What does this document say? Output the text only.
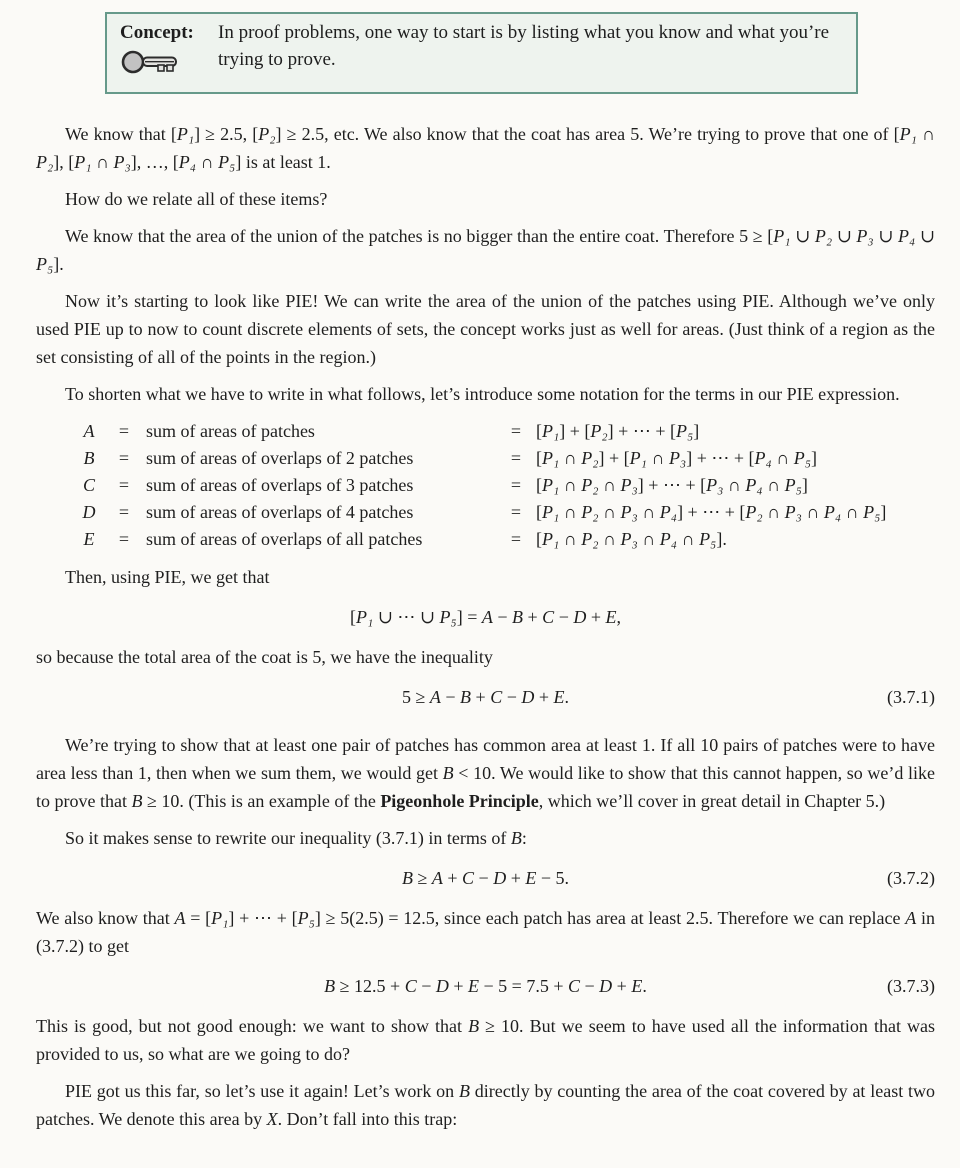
Concept:	In proof problems, one way to start is by listing what you know and what you’re trying to prove.

We know that [P₁] ≥ 2.5, [P₂] ≥ 2.5, etc. We also know that the coat has area 5. We’re trying to prove that one of [P₁ ∩ P₂], [P₁ ∩ P₃], …, [P₄ ∩ P₅] is at least 1.

How do we relate all of these items?

We know that the area of the union of the patches is no bigger than the entire coat. Therefore 5 ≥ [P₁ ∪ P₂ ∪ P₃ ∪ P₄ ∪ P₅].

Now it’s starting to look like PIE! We can write the area of the union of the patches using PIE. Although we’ve only used PIE up to now to count discrete elements of sets, the concept works just as well for areas. (Just think of a region as the set consisting of all of the points in the region.)

To shorten what we have to write in what follows, let’s introduce some notation for the terms in our PIE expression.

A	= sum of areas of patches	= [P₁] + [P₂] + ⋯ + [P₅]
B	= sum of areas of overlaps of 2 patches	= [P₁ ∩ P₂] + [P₁ ∩ P₃] + ⋯ + [P₄ ∩ P₅]
C	= sum of areas of overlaps of 3 patches	= [P₁ ∩ P₂ ∩ P₃] + ⋯ + [P₃ ∩ P₄ ∩ P₅]
D	= sum of areas of overlaps of 4 patches	= [P₁ ∩ P₂ ∩ P₃ ∩ P₄] + ⋯ + [P₂ ∩ P₃ ∩ P₄ ∩ P₅]
E	= sum of areas of overlaps of all patches	= [P₁ ∩ P₂ ∩ P₃ ∩ P₄ ∩ P₅].

Then, using PIE, we get that

[P₁ ∪ ⋯ ∪ P₅] = A − B + C − D + E,

so because the total area of the coat is 5, we have the inequality

5 ≥ A − B + C − D + E.	(3.7.1)

We’re trying to show that at least one pair of patches has common area at least 1. If all 10 pairs of patches were to have area less than 1, then when we sum them, we would get B < 10. We would like to show that this cannot happen, so we’d like to prove that B ≥ 10. (This is an example of the Pigeonhole Principle, which we’ll cover in great detail in Chapter 5.)

So it makes sense to rewrite our inequality (3.7.1) in terms of B:

B ≥ A + C − D + E − 5.	(3.7.2)

We also know that A = [P₁] + ⋯ + [P₅] ≥ 5(2.5) = 12.5, since each patch has area at least 2.5. Therefore we can replace A in (3.7.2) to get

B ≥ 12.5 + C − D + E − 5 = 7.5 + C − D + E.	(3.7.3)

This is good, but not good enough: we want to show that B ≥ 10. But we seem to have used all the information that was provided to us, so what are we going to do?

PIE got us this far, so let’s use it again! Let’s work on B directly by counting the area of the coat covered by at least two patches. We denote this area by X. Don’t fall into this trap:
